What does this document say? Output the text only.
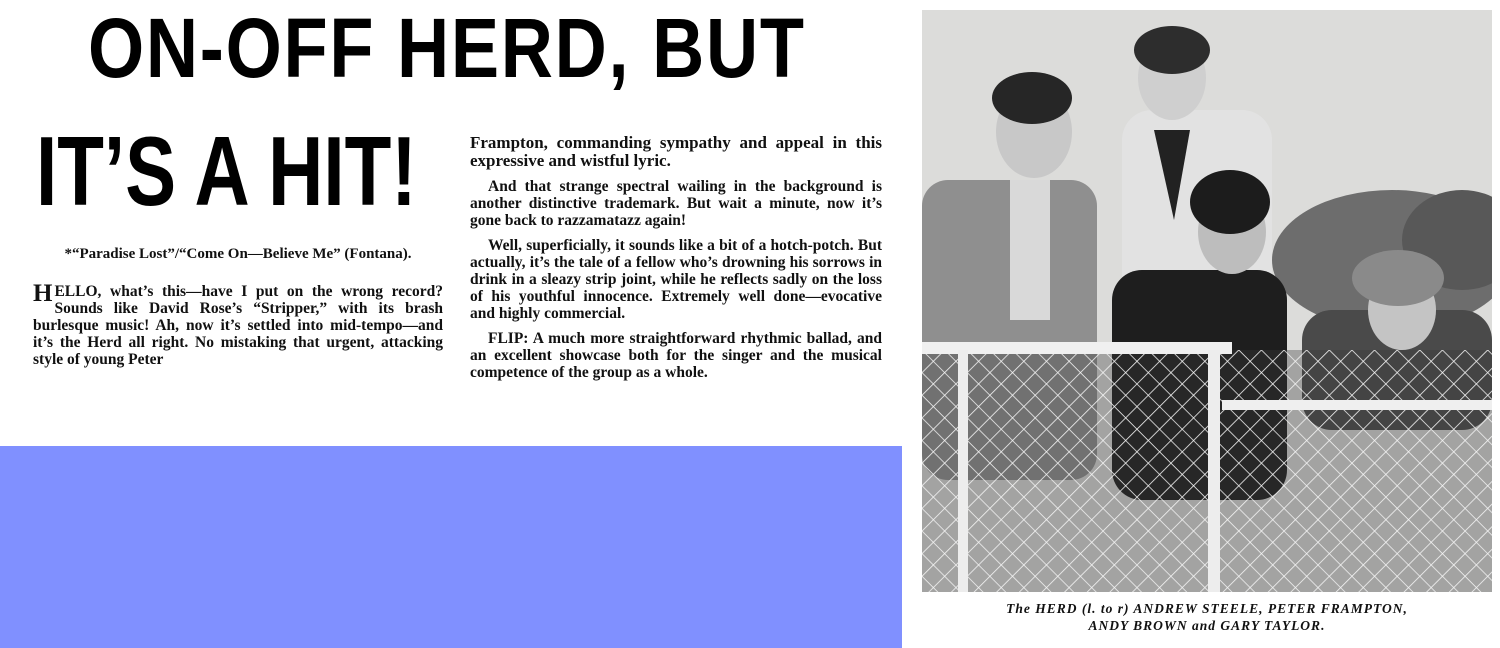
ON-OFF HERD, BUT
IT’S A HIT!

*“Paradise Lost”/“Come On—Believe Me” (Fontana).

HELLO, what’s this—have I put on the wrong record? Sounds like David Rose’s “Stripper,” with its brash burlesque music! Ah, now it’s settled into mid-tempo—and it’s the Herd all right. No mistaking that urgent, attacking style of young Peter

Frampton, commanding sympathy and appeal in this expressive and wistful lyric.

And that strange spectral wailing in the background is another distinctive trademark. But wait a minute, now it’s gone back to razzamatazz again!

Well, superficially, it sounds like a bit of a hotch-potch. But actually, it’s the tale of a fellow who’s drowning his sorrows in drink in a sleazy strip joint, while he reflects sadly on the loss of his youthful innocence. Extremely well done—evocative and highly commercial.

FLIP: A much more straightforward rhythmic ballad, and an excellent showcase both for the singer and the musical competence of the group as a whole.

The HERD (l. to r) ANDREW STEELE, PETER FRAMPTON,
ANDY BROWN and GARY TAYLOR.
